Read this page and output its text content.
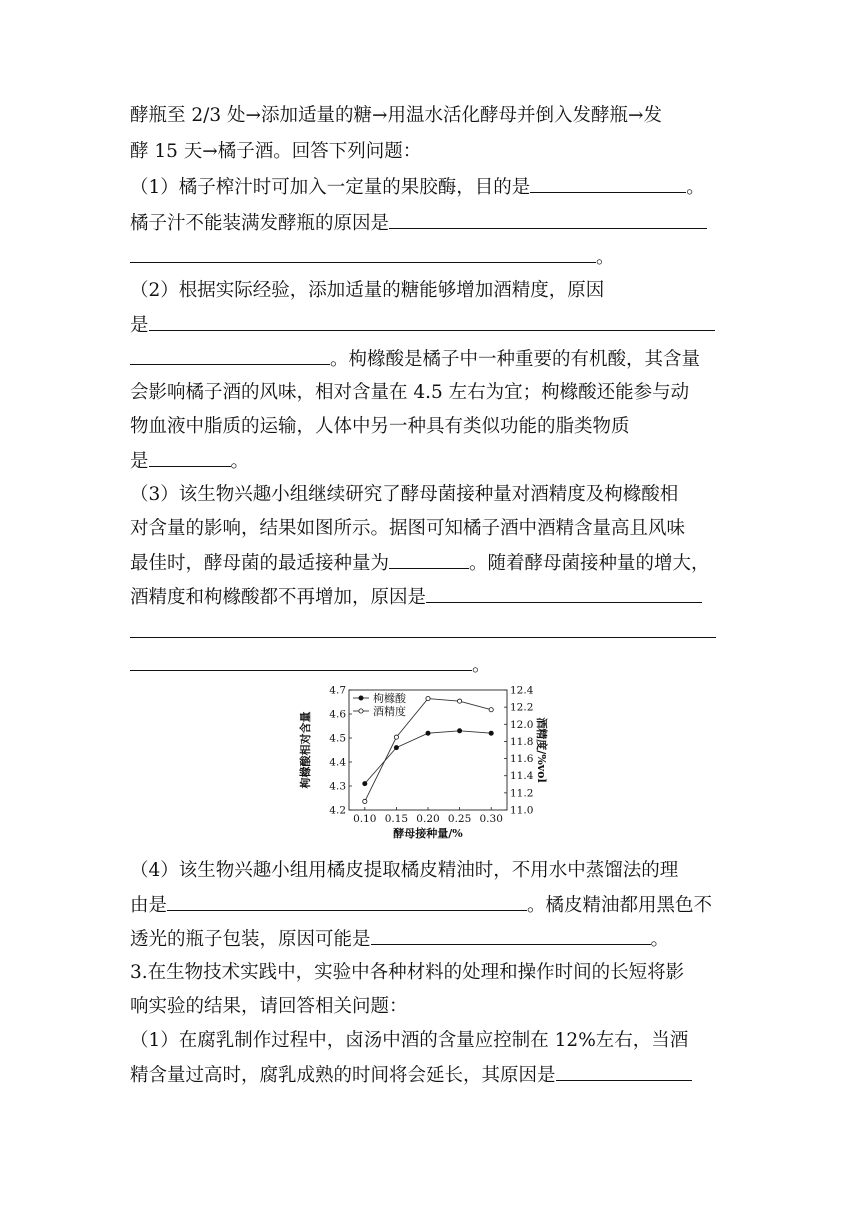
酵瓶至 2/3 处→添加适量的糖→用温水活化酵母并倒入发酵瓶→发
酵 15 天→橘子酒。回答下列问题：
（1）橘子榨汁时可加入一定量的果胶酶，目的是	。
橘子汁不能装满发酵瓶的原因是
。
（2）根据实际经验，添加适量的糖能够增加酒精度，原因
是
。枸橼酸是橘子中一种重要的有机酸，其含量
会影响橘子酒的风味，相对含量在 4.5 左右为宜；枸橼酸还能参与动
物血液中脂质的运输，人体中另一种具有类似功能的脂类物质
是	。
（3）该生物兴趣小组继续研究了酵母菌接种量对酒精度及枸橼酸相
对含量的影响，结果如图所示。据图可知橘子酒中酒精含量高且风味
最佳时，酵母菌的最适接种量为	。随着酵母菌接种量的增大，
酒精度和枸橼酸都不再增加，原因是
。
4.2
4.3
4.4
4.5
4.6
4.7
11.0
11.2
11.4
11.6
11.8
12.0
12.2
12.4
0.10 0.15 0.20 0.25 0.30
酵母接种量/%
枸橼酸相对含量	酒精度/%vol
枸橼酸
酒精度
（4）该生物兴趣小组用橘皮提取橘皮精油时，不用水中蒸馏法的理
由是	。橘皮精油都用黑色不
透光的瓶子包装，原因可能是	。
3.在生物技术实践中，实验中各种材料的处理和操作时间的长短将影
响实验的结果，请回答相关问题：
（1）在腐乳制作过程中，卤汤中酒的含量应控制在 12%左右，当酒
精含量过高时，腐乳成熟的时间将会延长，其原因是
